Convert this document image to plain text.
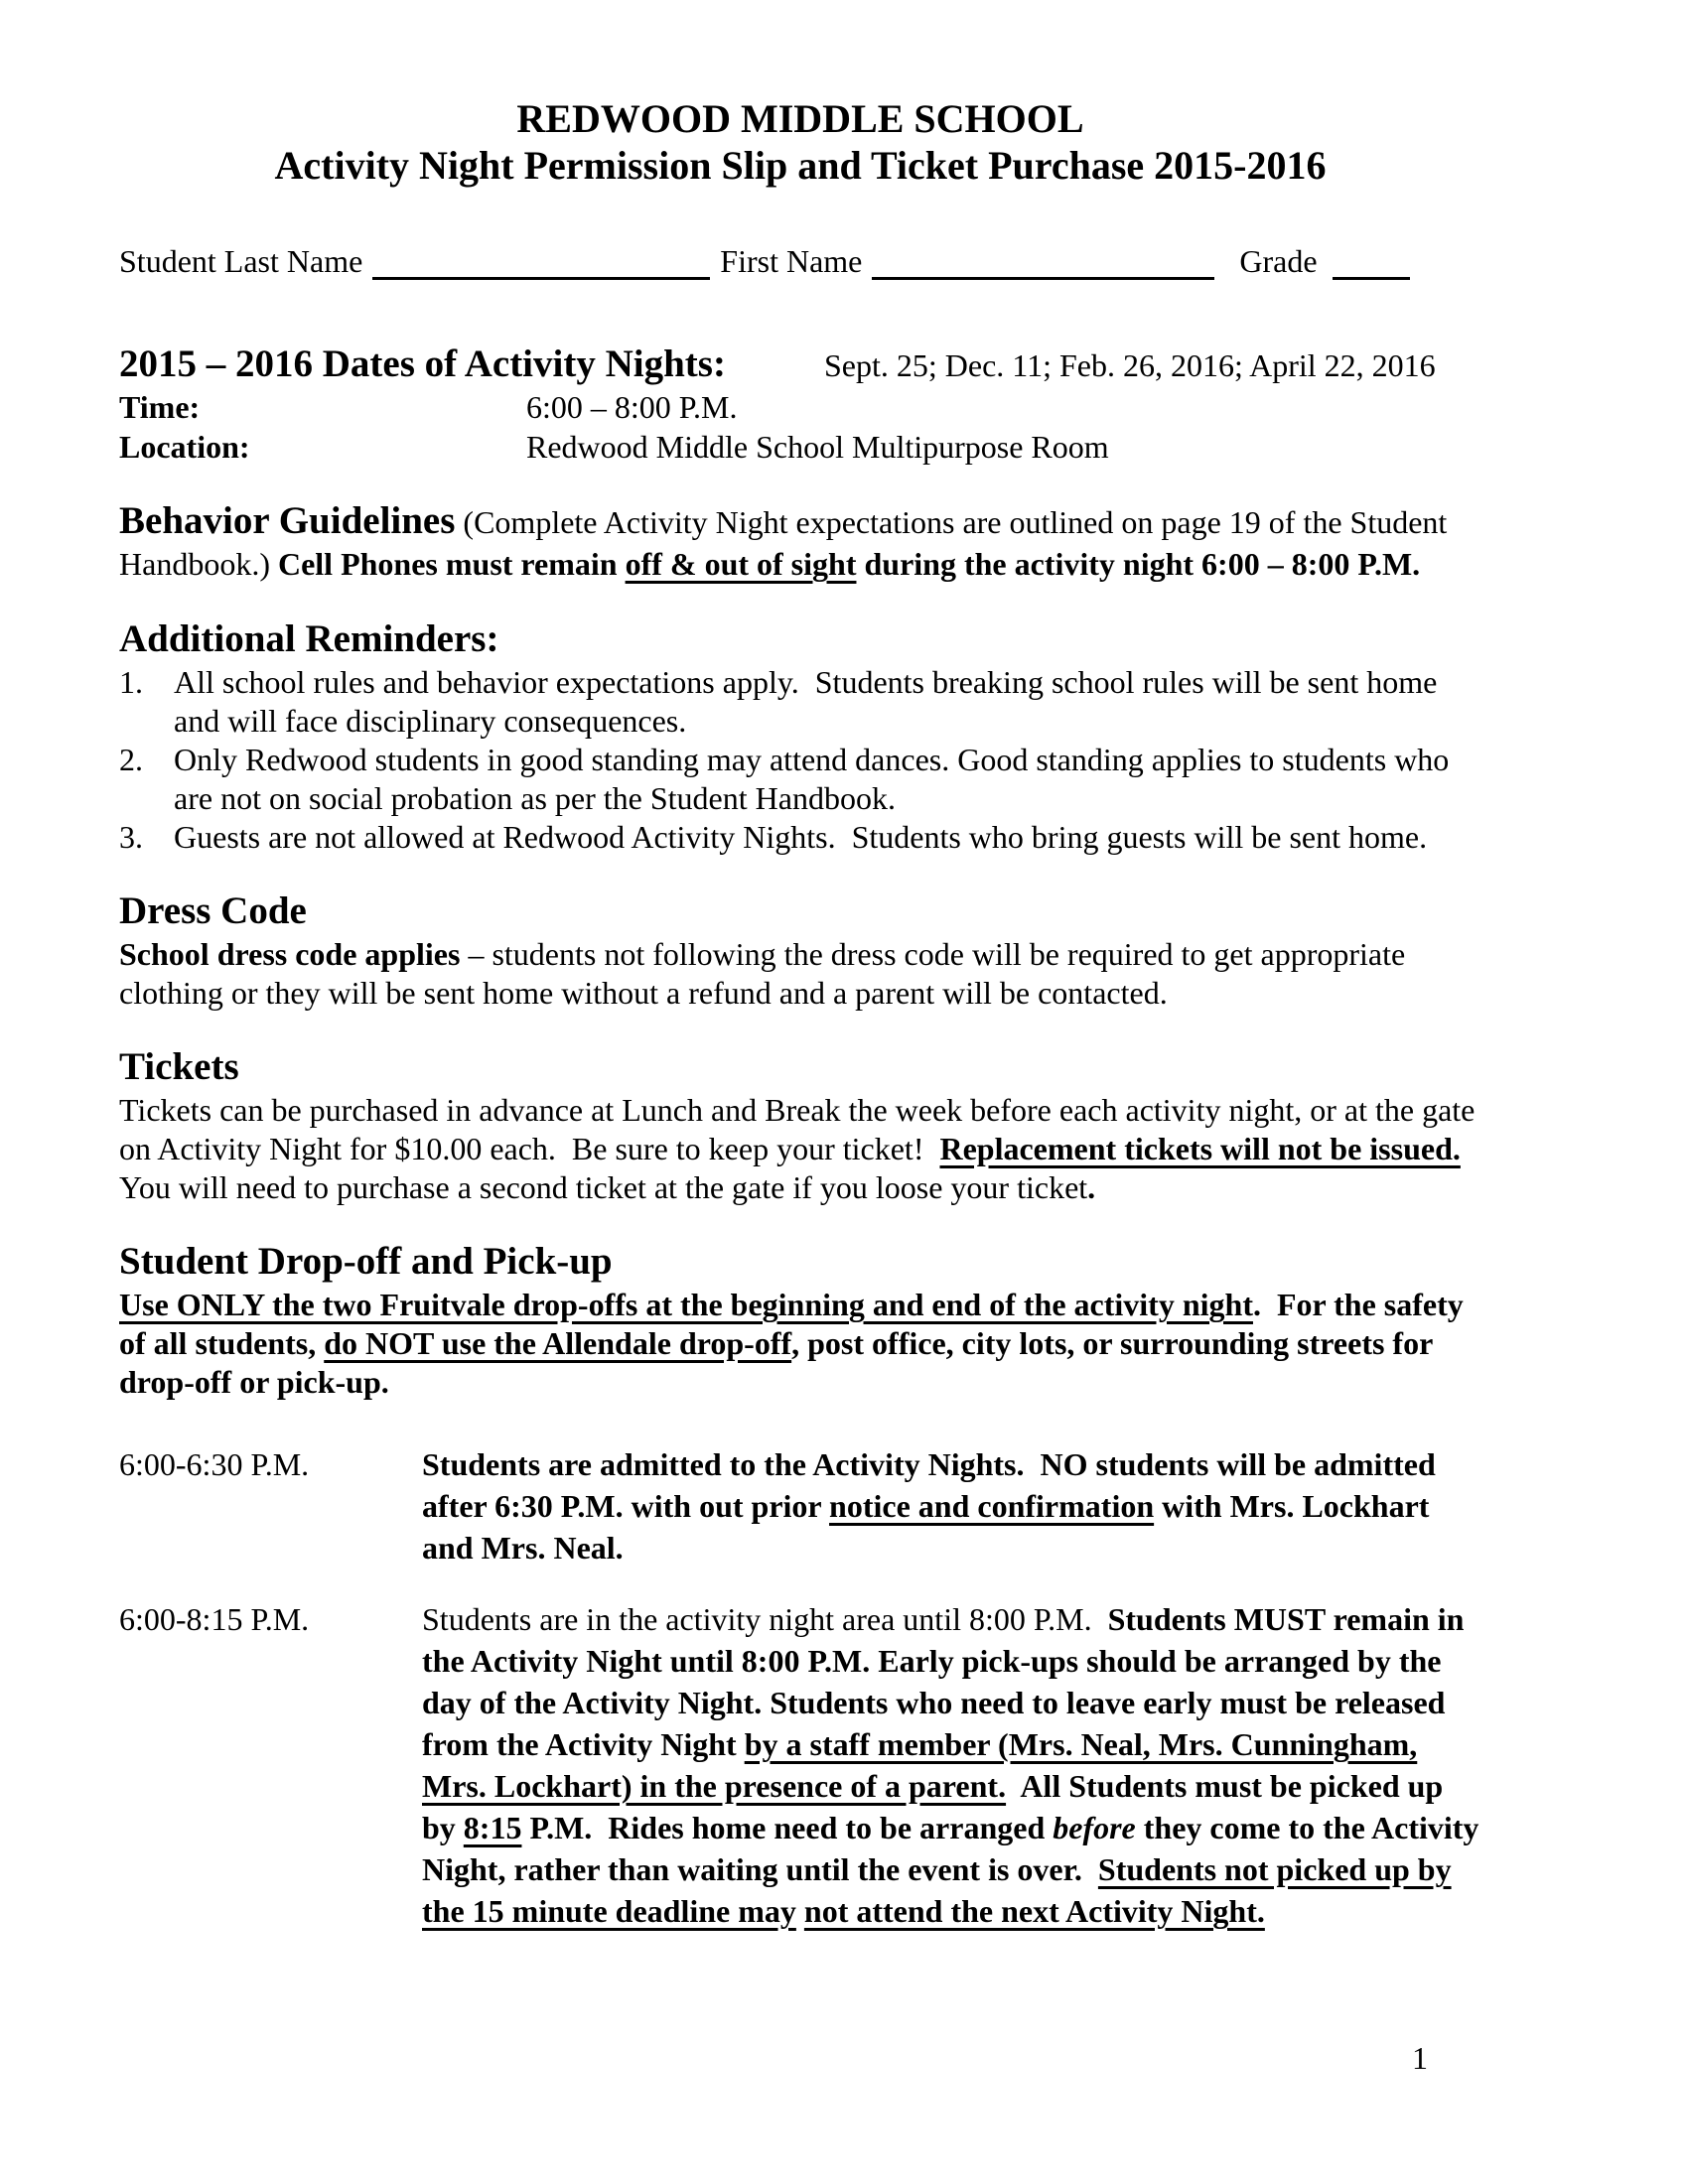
REDWOOD MIDDLE SCHOOL
Activity Night Permission Slip and Ticket Purchase 2015-2016
Student Last Name	First Name	Grade
2015 – 2016 Dates of Activity Nights:	Sept. 25; Dec. 11; Feb. 26, 2016; April 22, 2016
Time:	6:00 – 8:00 P.M.
Location:	Redwood Middle School Multipurpose Room

Behavior Guidelines (Complete Activity Night expectations are outlined on page 19 of the Student Handbook.) Cell Phones must remain off & out of sight during the activity night 6:00 – 8:00 P.M.

Additional Reminders:
1. All school rules and behavior expectations apply.  Students breaking school rules will be sent home and will face disciplinary consequences.
2. Only Redwood students in good standing may attend dances. Good standing applies to students who are not on social probation as per the Student Handbook.
3. Guests are not allowed at Redwood Activity Nights.  Students who bring guests will be sent home.
Dress Code

School dress code applies – students not following the dress code will be required to get appropriate clothing or they will be sent home without a refund and a parent will be contacted.

Tickets

Tickets can be purchased in advance at Lunch and Break the week before each activity night, or at the gate on Activity Night for $10.00 each.  Be sure to keep your ticket!  Replacement tickets will not be issued. You will need to purchase a second ticket at the gate if you loose your ticket.

Student Drop-off and Pick-up

Use ONLY the two Fruitvale drop-offs at the beginning and end of the activity night.  For the safety of all students, do NOT use the Allendale drop-off, post office, city lots, or surrounding streets for drop-off or pick-up.

6:00-6:30 P.M.	Students are admitted to the Activity Nights.  NO students will be admitted after 6:30 P.M. with out prior notice and confirmation with Mrs. Lockhart and Mrs. Neal.

6:00-8:15 P.M.	Students are in the activity night area until 8:00 P.M.  Students MUST remain in the Activity Night until 8:00 P.M. Early pick-ups should be arranged by the day of the Activity Night. Students who need to leave early must be released from the Activity Night by a staff member (Mrs. Neal, Mrs. Cunningham, Mrs. Lockhart) in the presence of a parent.  All Students must be picked up by 8:15 P.M.  Rides home need to be arranged before they come to the Activity Night, rather than waiting until the event is over.  Students not picked up by the 15 minute deadline may not attend the next Activity Night.

1
